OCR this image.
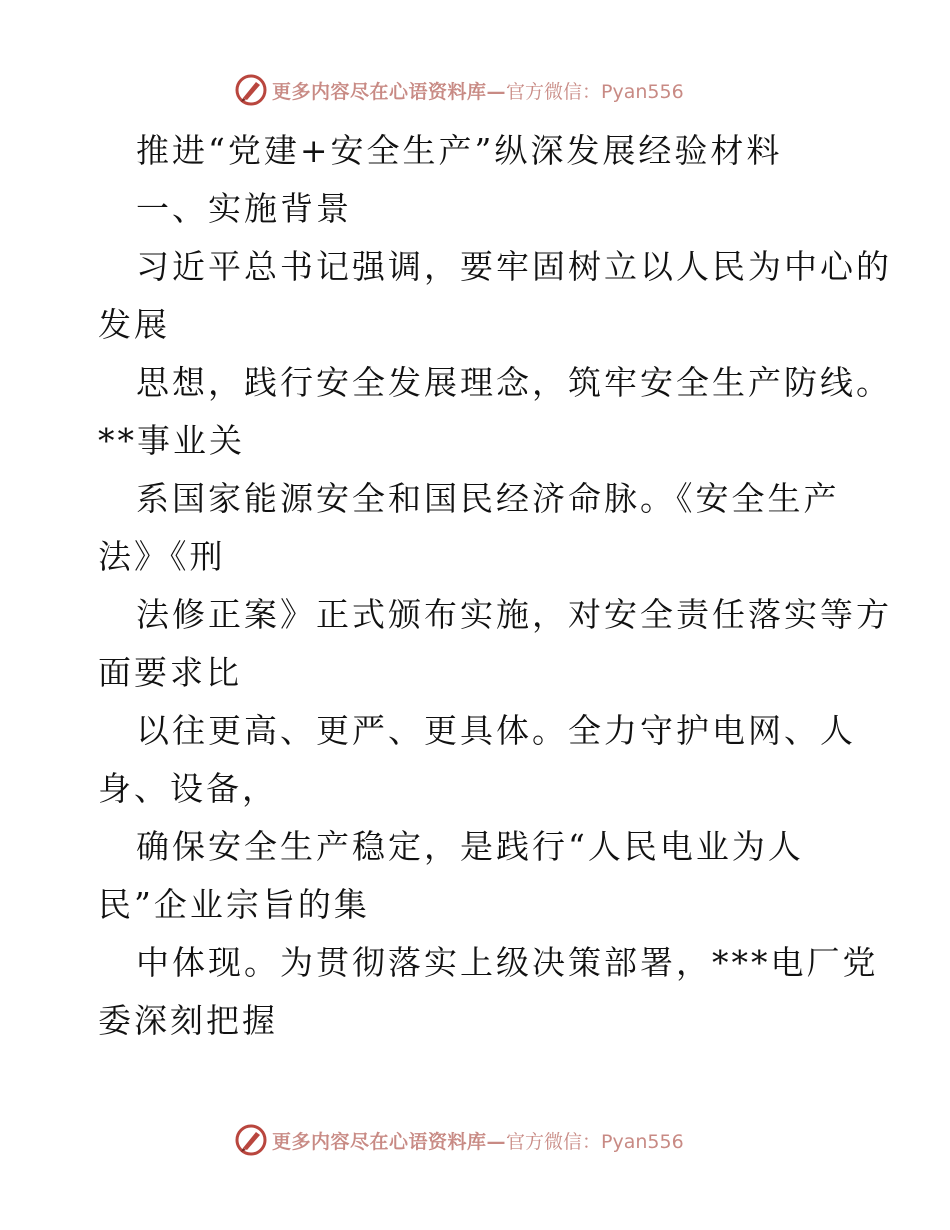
更多内容尽在心语资料库— 官方微信：Pyan556
推进“党建+安全生产”纵深发展经验材料
一、实施背景
习近平总书记强调，要牢固树立以人民为中心的
发展
思想，践行安全发展理念，筑牢安全生产防线。
**事业关
系国家能源安全和国民经济命脉。《安全生产
法》《刑
法修正案》正式颁布实施，对安全责任落实等方
面要求比
以往更高、更严、更具体。全力守护电网、人
身、设备，
确保安全生产稳定，是践行“人民电业为人
民”企业宗旨的集
中体现。为贯彻落实上级决策部署，***电厂党
委深刻把握
更多内容尽在心语资料库— 官方微信：Pyan556
